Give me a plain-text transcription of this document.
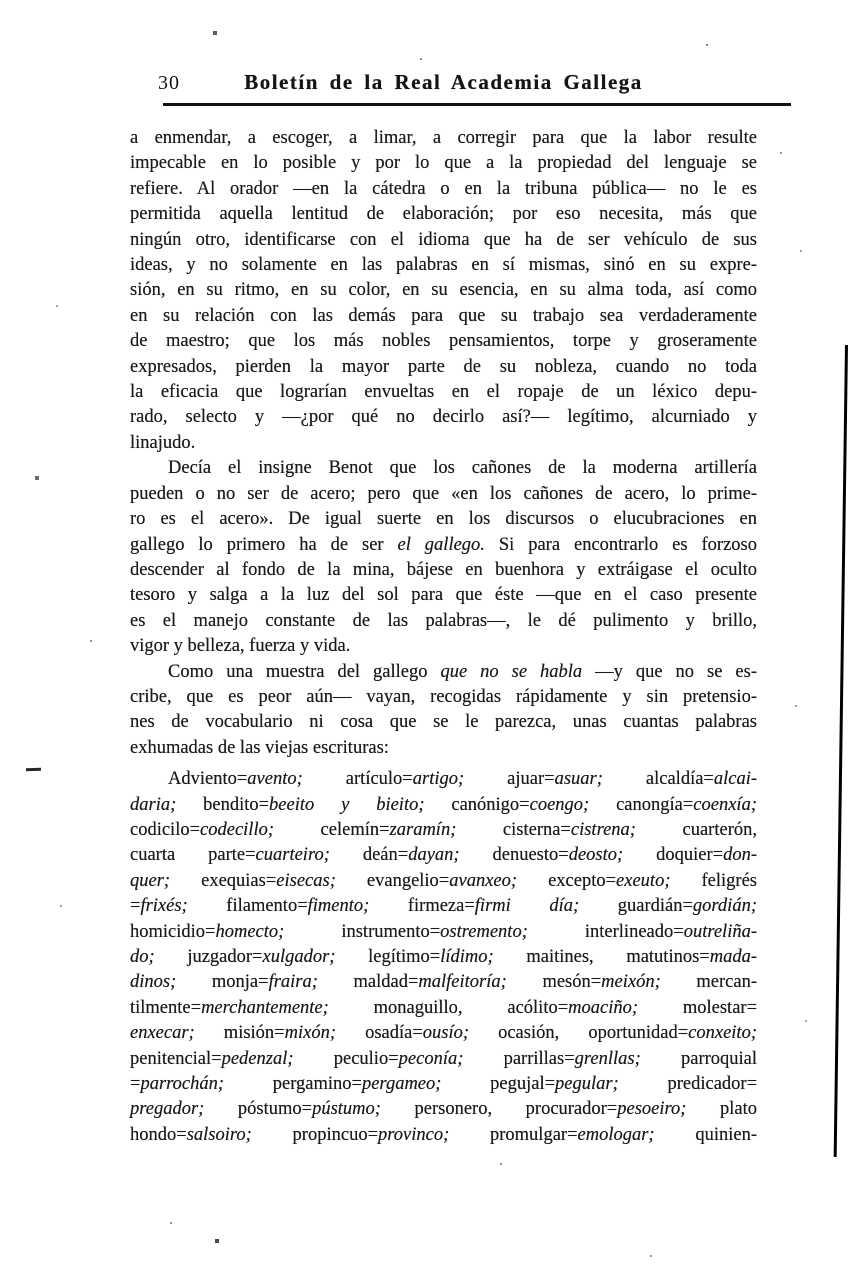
30	Boletín de la Real Academia Gallega
a enmendar, a escoger, a limar, a corregir para que la labor resulte
impecable en lo posible y por lo que a la propiedad del lenguaje se
refiere. Al orador —en la cátedra o en la tribuna pública— no le es
permitida aquella lentitud de elaboración; por eso necesita, más que
ningún otro, identificarse con el idioma que ha de ser vehículo de sus
ideas, y no solamente en las palabras en sí mismas, sinó en su expre-
sión, en su ritmo, en su color, en su esencia, en su alma toda, así como
en su relación con las demás para que su trabajo sea verdaderamente
de maestro; que los más nobles pensamientos, torpe y groseramente
expresados, pierden la mayor parte de su nobleza, cuando no toda
la eficacia que lograrían envueltas en el ropaje de un léxico depu-
rado, selecto y —¿por qué no decirlo así?— legítimo, alcurniado y
linajudo.
Decía el insigne Benot que los cañones de la moderna artillería
pueden o no ser de acero; pero que «en los cañones de acero, lo prime-
ro es el acero». De igual suerte en los discursos o elucubraciones en
gallego lo primero ha de ser el gallego. Si para encontrarlo es forzoso
descender al fondo de la mina, bájese en buenhora y extráigase el oculto
tesoro y salga a la luz del sol para que éste —que en el caso presente
es el manejo constante de las palabras—, le dé pulimento y brillo,
vigor y belleza, fuerza y vida.
Como una muestra del gallego que no se habla —y que no se es-
cribe, que es peor aún— vayan, recogidas rápidamente y sin pretensio-
nes de vocabulario ni cosa que se le parezca, unas cuantas palabras
exhumadas de las viejas escrituras:
Adviento=avento; artículo=artigo; ajuar=asuar; alcaldía=alcai-
daria; bendito=beeito y bieito; canónigo=coengo; canongía=coenxía;
codicilo=codecillo; celemín=zaramín; cisterna=cistrena; cuarterón,
cuarta parte=cuarteiro; deán=dayan; denuesto=deosto; doquier=don-
quer; exequias=eisecas; evangelio=avanxeo; excepto=exeuto; feligrés
=frixés; filamento=fimento; firmeza=firmi día; guardián=gordián;
homicidio=homecto; instrumento=ostremento; interlineado=outreliña-
do; juzgador=xulgador; legítimo=lídimo; maitines, matutinos=mada-
dinos; monja=fraira; maldad=malfeitoría; mesón=meixón; mercan-
tilmente=merchantemente; monaguillo, acólito=moaciño; molestar=
enxecar; misión=mixón; osadía=ousío; ocasión, oportunidad=conxeito;
penitencial=pedenzal; peculio=peconía; parrillas=grenllas; parroquial
=parrochán; pergamino=pergameo; pegujal=pegular; predicador=
pregador; póstumo=pústumo; personero, procurador=pesoeiro; plato
hondo=salsoiro; propincuo=provinco; promulgar=emologar; quinien-
